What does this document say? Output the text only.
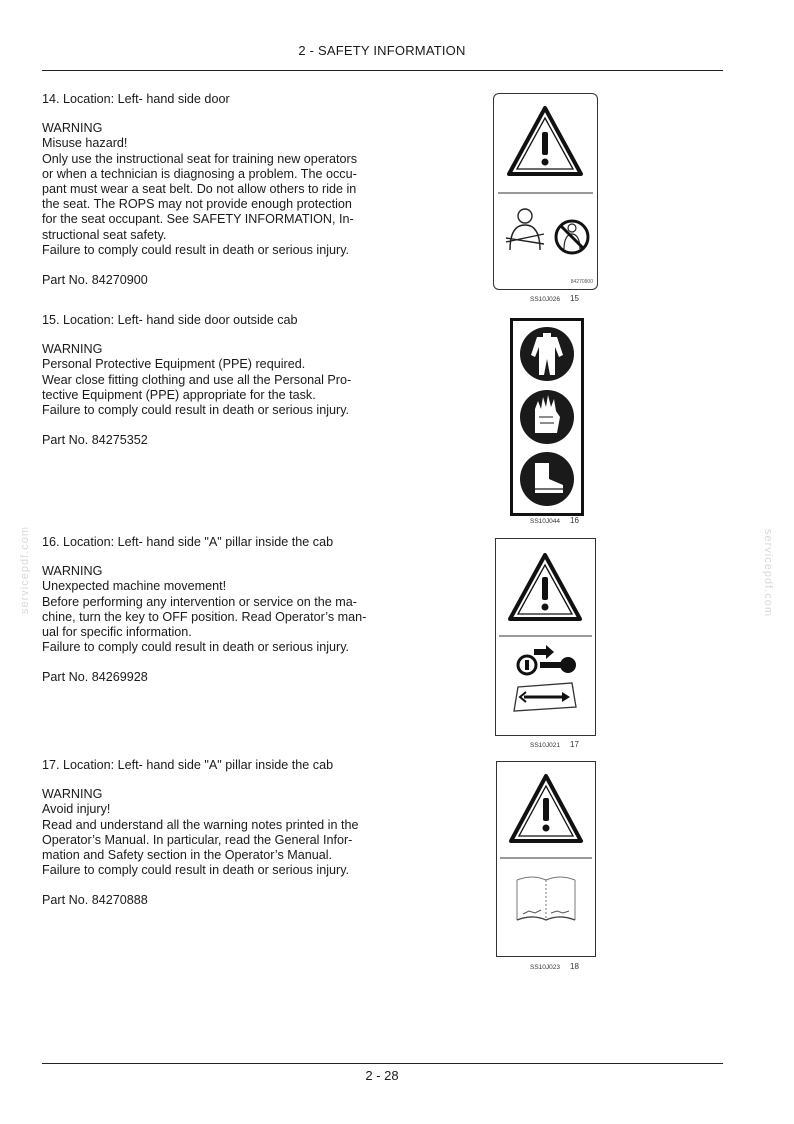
2 - SAFETY INFORMATION
servicepdf.com	servicepdf.com

14. Location: Left- hand side door

WARNING

Misuse hazard!

Only use the instructional seat for training new operators

or when a technician is diagnosing a problem. The occu-

pant must wear a seat belt. Do not allow others to ride in

the seat. The ROPS may not provide enough protection

for the seat occupant. See SAFETY INFORMATION, In-

structional seat safety.

Failure to comply could result in death or serious injury.

Part No. 84270900	84270900
SS10J026 15

15. Location: Left- hand side door outside cab

WARNING

Personal Protective Equipment (PPE) required.

Wear close fitting clothing and use all the Personal Pro-

tective Equipment (PPE) appropriate for the task.

Failure to comply could result in death or serious injury.

Part No. 84275352

SS10J044 16

16. Location: Left- hand side "A" pillar inside the cab

WARNING

Unexpected machine movement!

Before performing any intervention or service on the ma-

chine, turn the key to OFF position. Read Operator’s man-

ual for specific information.

Failure to comply could result in death or serious injury.

Part No. 84269928

SS10J021 17

17. Location: Left- hand side "A" pillar inside the cab

WARNING

Avoid injury!

Read and understand all the warning notes printed in the

Operator’s Manual. In particular, read the General Infor-

mation and Safety section in the Operator’s Manual.

Failure to comply could result in death or serious injury.

Part No. 84270888

SS10J023 18
2 - 28
